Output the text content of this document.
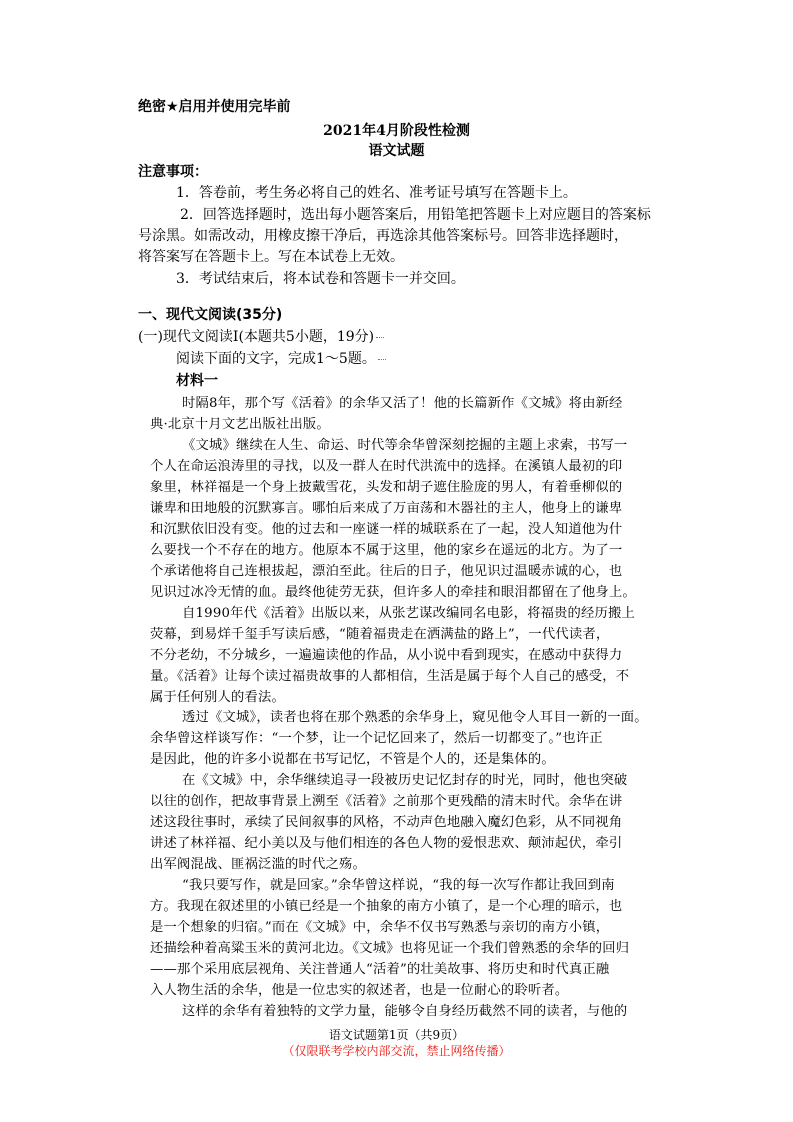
绝密★启用并使用完毕前
2021年4月阶段性检测
语文试题
注意事项：
1．答卷前，考生务必将自己的姓名、准考证号填写在答题卡上。
2．回答选择题时，选出每小题答案后，用铅笔把答题卡上对应题目的答案标
号涂黑。如需改动，用橡皮擦干净后，再选涂其他答案标号。回答非选择题时，
将答案写在答题卡上。写在本试卷上无效。
3．考试结束后，将本试卷和答题卡一并交回。
一、现代文阅读(35分)
(一)现代文阅读Ⅰ(本题共5小题，19分)
阅读下面的文字，完成1～5题。
材料一
时隔8年，那个写《活着》的余华又活了！他的长篇新作《文城》将由新经
典·北京十月文艺出版社出版。
《文城》继续在人生、命运、时代等余华曾深刻挖掘的主题上求索，书写一
个人在命运浪涛里的寻找，以及一群人在时代洪流中的选择。在溪镇人最初的印
象里，林祥福是一个身上披戴雪花，头发和胡子遮住脸庞的男人，有着垂柳似的
谦卑和田地般的沉默寡言。哪怕后来成了万亩荡和木器社的主人，他身上的谦卑
和沉默依旧没有变。他的过去和一座谜一样的城联系在了一起，没人知道他为什
么要找一个不存在的地方。他原本不属于这里，他的家乡在遥远的北方。为了一
个承诺他将自己连根拔起，漂泊至此。往后的日子，他见识过温暖赤诚的心，也
见识过冰冷无情的血。最终他徒劳无获，但许多人的牵挂和眼泪都留在了他身上。
自1990年代《活着》出版以来，从张艺谋改编同名电影，将福贵的经历搬上
荧幕，到易烊千玺手写读后感，“随着福贵走在洒满盐的路上”，一代代读者，
不分老幼，不分城乡，一遍遍读他的作品，从小说中看到现实，在感动中获得力
量。《活着》让每个读过福贵故事的人都相信，生活是属于每个人自己的感受，不
属于任何别人的看法。
透过《文城》，读者也将在那个熟悉的余华身上，窥见他令人耳目一新的一面。
余华曾这样谈写作：“一个梦，让一个记忆回来了，然后一切都变了。”也许正
是因此，他的许多小说都在书写记忆，不管是个人的，还是集体的。
在《文城》中，余华继续追寻一段被历史记忆封存的时光，同时，他也突破
以往的创作，把故事背景上溯至《活着》之前那个更残酷的清末时代。余华在讲
述这段往事时，承续了民间叙事的风格，不动声色地融入魔幻色彩，从不同视角
讲述了林祥福、纪小美以及与他们相连的各色人物的爱恨悲欢、颠沛起伏，牵引
出军阀混战、匪祸泛滥的时代之殇。
“我只要写作，就是回家。”余华曾这样说，“我的每一次写作都让我回到南
方。我现在叙述里的小镇已经是一个抽象的南方小镇了，是一个心理的暗示，也
是一个想象的归宿。”而在《文城》中，余华不仅书写熟悉与亲切的南方小镇，
还描绘种着高粱玉米的黄河北边。《文城》也将见证一个我们曾熟悉的余华的回归
——那个采用底层视角、关注普通人“活着”的壮美故事、将历史和时代真正融
语文试题第1页（共9页）
（仅限联考学校内部交流，禁止网络传播）
入人物生活的余华，他是一位忠实的叙述者，也是一位耐心的聆听者。
这样的余华有着独特的文学力量，能够令自身经历截然不同的读者，与他的
